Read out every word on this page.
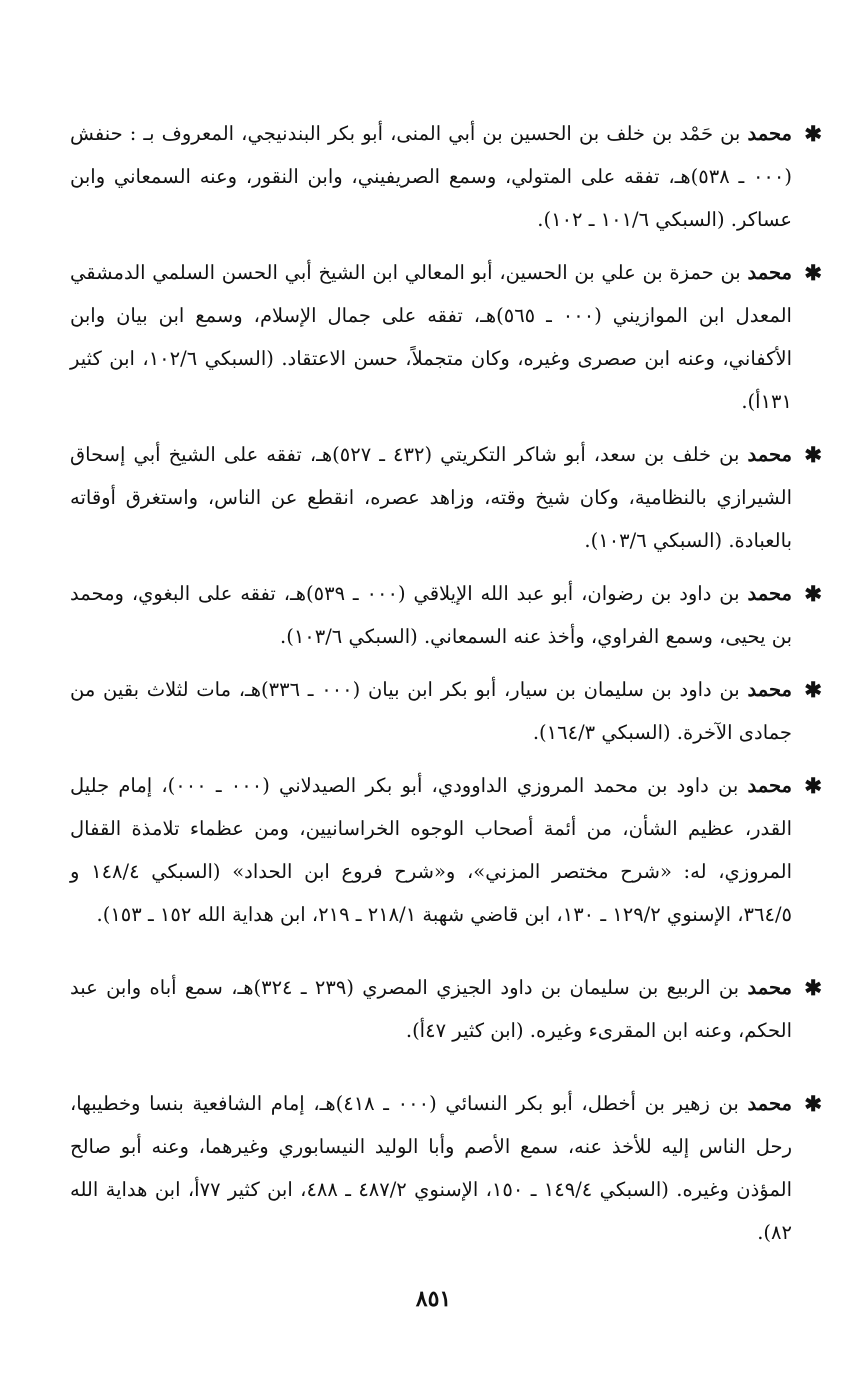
✱
محمد بن حَمْد بن خلف بن الحسين بن أبي المنى، أبو بكر البندنيجي، المعروف بـ : حنفش (٠٠٠ ـ ٥٣٨)هـ، تفقه على المتولي، وسمع الصريفيني، وابن النقور، وعنه السمعاني وابن عساكر. (السبكي ١٠١/٦ ـ ١٠٢).

✱
محمد بن حمزة بن علي بن الحسين، أبو المعالي ابن الشيخ أبي الحسن السلمي الدمشقي المعدل ابن الموازيني (٠٠٠ ـ ٥٦٥)هـ، تفقه على جمال الإسلام، وسمع ابن بيان وابن الأكفاني، وعنه ابن صصرى وغيره، وكان متجملاً، حسن الاعتقاد. (السبكي ١٠٢/٦، ابن كثير ١٣١أ).

✱
محمد بن خلف بن سعد، أبو شاكر التكريتي (٤٣٢ ـ ٥٢٧)هـ، تفقه على الشيخ أبي إسحاق الشيرازي بالنظامية، وكان شيخ وقته، وزاهد عصره، انقطع عن الناس، واستغرق أوقاته بالعبادة. (السبكي ١٠٣/٦).

✱
محمد بن داود بن رضوان، أبو عبد الله الإيلاقي (٠٠٠ ـ ٥٣٩)هـ، تفقه على البغوي، ومحمد بن يحيى، وسمع الفراوي، وأخذ عنه السمعاني. (السبكي ١٠٣/٦).

✱
محمد بن داود بن سليمان بن سيار، أبو بكر ابن بيان (٠٠٠ ـ ٣٣٦)هـ، مات لثلاث بقين من جمادى الآخرة. (السبكي ١٦٤/٣).

✱
محمد بن داود بن محمد المروزي الداوودي، أبو بكر الصيدلاني (٠٠٠ ـ ٠٠٠)، إمام جليل القدر، عظيم الشأن، من أئمة أصحاب الوجوه الخراسانيين، ومن عظماء تلامذة القفال المروزي، له: «شرح مختصر المزني»، و«شرح فروع ابن الحداد» (السبكي ١٤٨/٤ و ٣٦٤/٥، الإسنوي ١٢٩/٢ ـ ١٣٠، ابن قاضي شهبة ٢١٨/١ ـ ٢١٩، ابن هداية الله ١٥٢ ـ ١٥٣).

✱
محمد بن الربيع بن سليمان بن داود الجيزي المصري (٢٣٩ ـ ٣٢٤)هـ، سمع أباه وابن عبد الحكم، وعنه ابن المقرىء وغيره. (ابن كثير ٤٧أ).

✱
محمد بن زهير بن أخطل، أبو بكر النسائي (٠٠٠ ـ ٤١٨)هـ، إمام الشافعية بنسا وخطيبها، رحل الناس إليه للأخذ عنه، سمع الأصم وأبا الوليد النيسابوري وغيرهما، وعنه أبو صالح المؤذن وغيره. (السبكي ١٤٩/٤ ـ ١٥٠، الإسنوي ٤٨٧/٢ ـ ٤٨٨، ابن كثير ٧٧أ، ابن هداية الله ٨٢).

٨٥١
